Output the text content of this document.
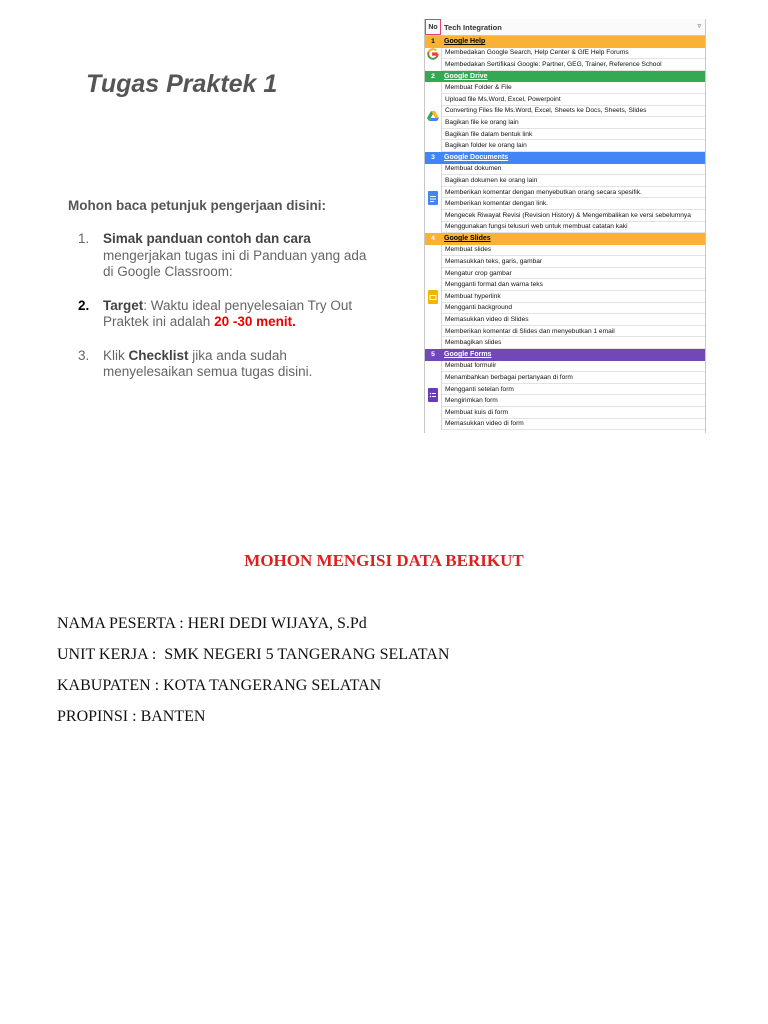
Tugas Praktek 1
Mohon baca petunjuk pengerjaan disini:
1. Simak panduan contoh dan cara mengerjakan tugas ini di Panduan yang ada di Google Classroom:
2. Target: Waktu ideal penyelesaian Try Out Praktek ini adalah 20 -30 menit.
3. Klik Checklist jika anda sudah menyelesaikan semua tugas disini.
No Tech Integration	▿
1	Google Help
Membedakan Google Search, Help Center & GfE Help Forums
Membedakan Sertifikasi Google: Partner, GEG, Trainer, Reference School
2	Google Drive
Membuat Folder & File
Upload file Ms.Word, Excel, Powerpoint
Converting Files file Ms.Word, Excel, Sheets ke Docs, Sheets, Slides
Bagikan file ke orang lain
Bagikan file dalam bentuk link
Bagikan folder ke orang lain
3	Google Documents
Membuat dokumen
Bagikan dokumen ke orang lain
Memberikan komentar dengan menyebutkan orang secara spesifik.
Memberikan komentar dengan link.
Mengecek Riwayat Revisi (Revision History) & Mengembalikan ke versi sebelumnya
Menggunakan fungsi telusuri web untuk membuat catatan kaki
4	Google Slides
Membuat slides
Memasukkan teks, garis, gambar
Mengatur crop gambar
Mengganti format dan warna teks
Membuat hyperlink
Mengganti background
Memasukkan video di Slides
Memberikan komentar di Slides dan menyebutkan 1 email
Membagikan slides
5	Google Forms
Membuat formulir
Menambahkan berbagai pertanyaan di form
Mengganti setelan form
Mengirimkan form
Membuat kuis di form
Memasukkan video di form
MOHON MENGISI DATA BERIKUT
NAMA PESERTA : HERI DEDI WIJAYA, S.Pd
UNIT KERJA :  SMK NEGERI 5 TANGERANG SELATAN
KABUPATEN : KOTA TANGERANG SELATAN
PROPINSI : BANTEN
